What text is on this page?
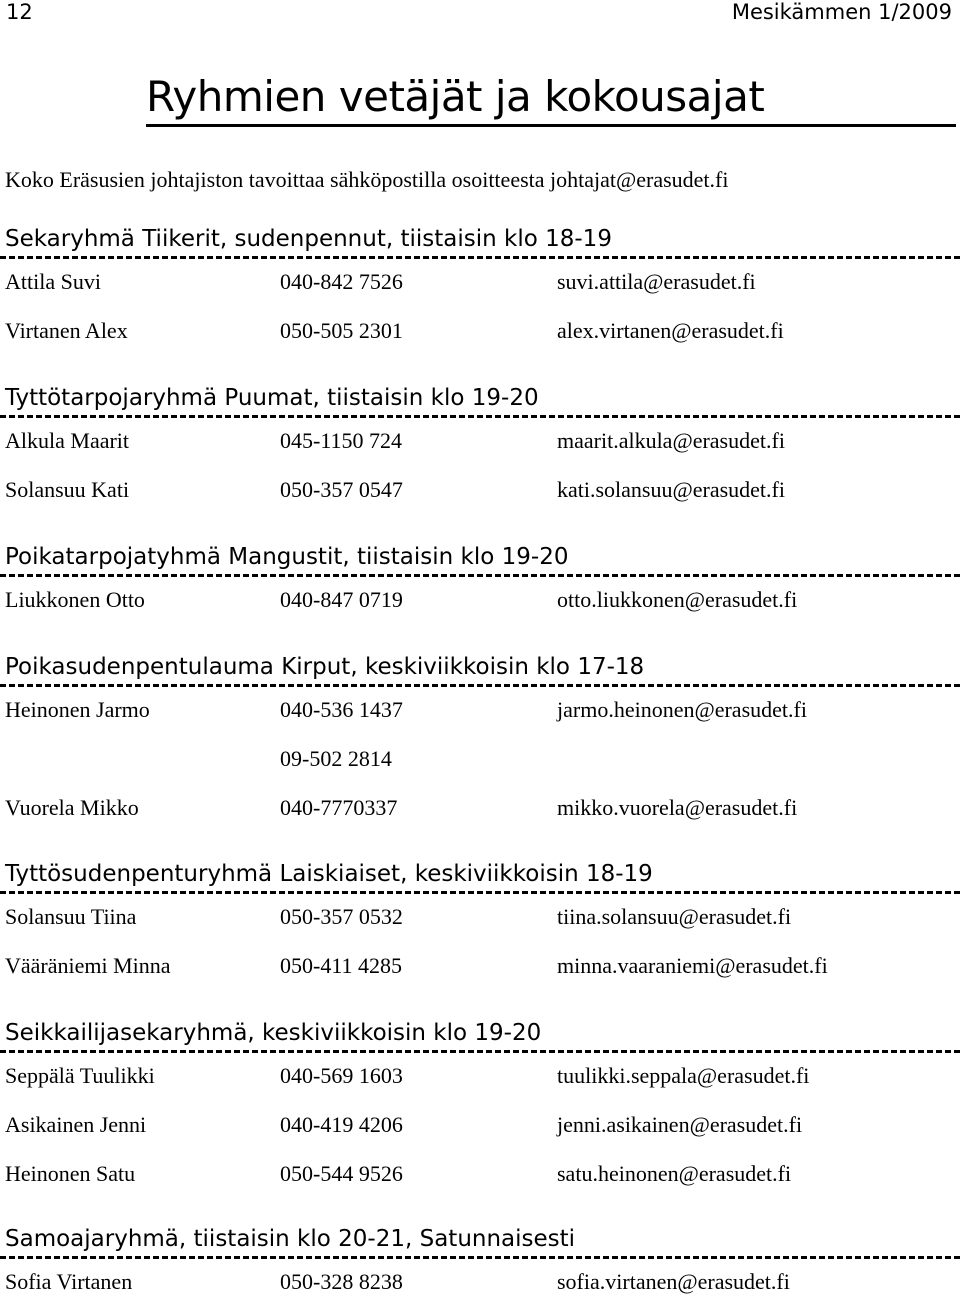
12	Mesikämmen 1/2009
Ryhmien vetäjät ja kokousajat
Koko Eräsusien johtajiston tavoittaa sähköpostilla osoitteesta johtajat@erasudet.fi
Sekaryhmä Tiikerit, sudenpennut, tiistaisin klo 18-19
Attila Suvi	040-842 7526	suvi.attila@erasudet.fi
Virtanen Alex	050-505 2301	alex.virtanen@erasudet.fi
Tyttötarpojaryhmä Puumat, tiistaisin klo 19-20
Alkula Maarit	045-1150 724	maarit.alkula@erasudet.fi
Solansuu Kati	050-357 0547	kati.solansuu@erasudet.fi
Poikatarpojatyhmä Mangustit, tiistaisin klo 19-20
Liukkonen Otto	040-847 0719	otto.liukkonen@erasudet.fi
Poikasudenpentulauma Kirput, keskiviikkoisin klo 17-18
Heinonen Jarmo	040-536 1437	jarmo.heinonen@erasudet.fi
09-502 2814
Vuorela Mikko	040-7770337	mikko.vuorela@erasudet.fi
Tyttösudenpenturyhmä Laiskiaiset, keskiviikkoisin 18-19
Solansuu Tiina	050-357 0532	tiina.solansuu@erasudet.fi
Vääräniemi Minna	050-411 4285	minna.vaaraniemi@erasudet.fi
Seikkailijasekaryhmä, keskiviikkoisin klo 19-20
Seppälä Tuulikki	040-569 1603	tuulikki.seppala@erasudet.fi
Asikainen Jenni	040-419 4206	jenni.asikainen@erasudet.fi
Heinonen Satu	050-544 9526	satu.heinonen@erasudet.fi
Samoajaryhmä, tiistaisin klo 20-21, Satunnaisesti
Sofia Virtanen	050-328 8238	sofia.virtanen@erasudet.fi
